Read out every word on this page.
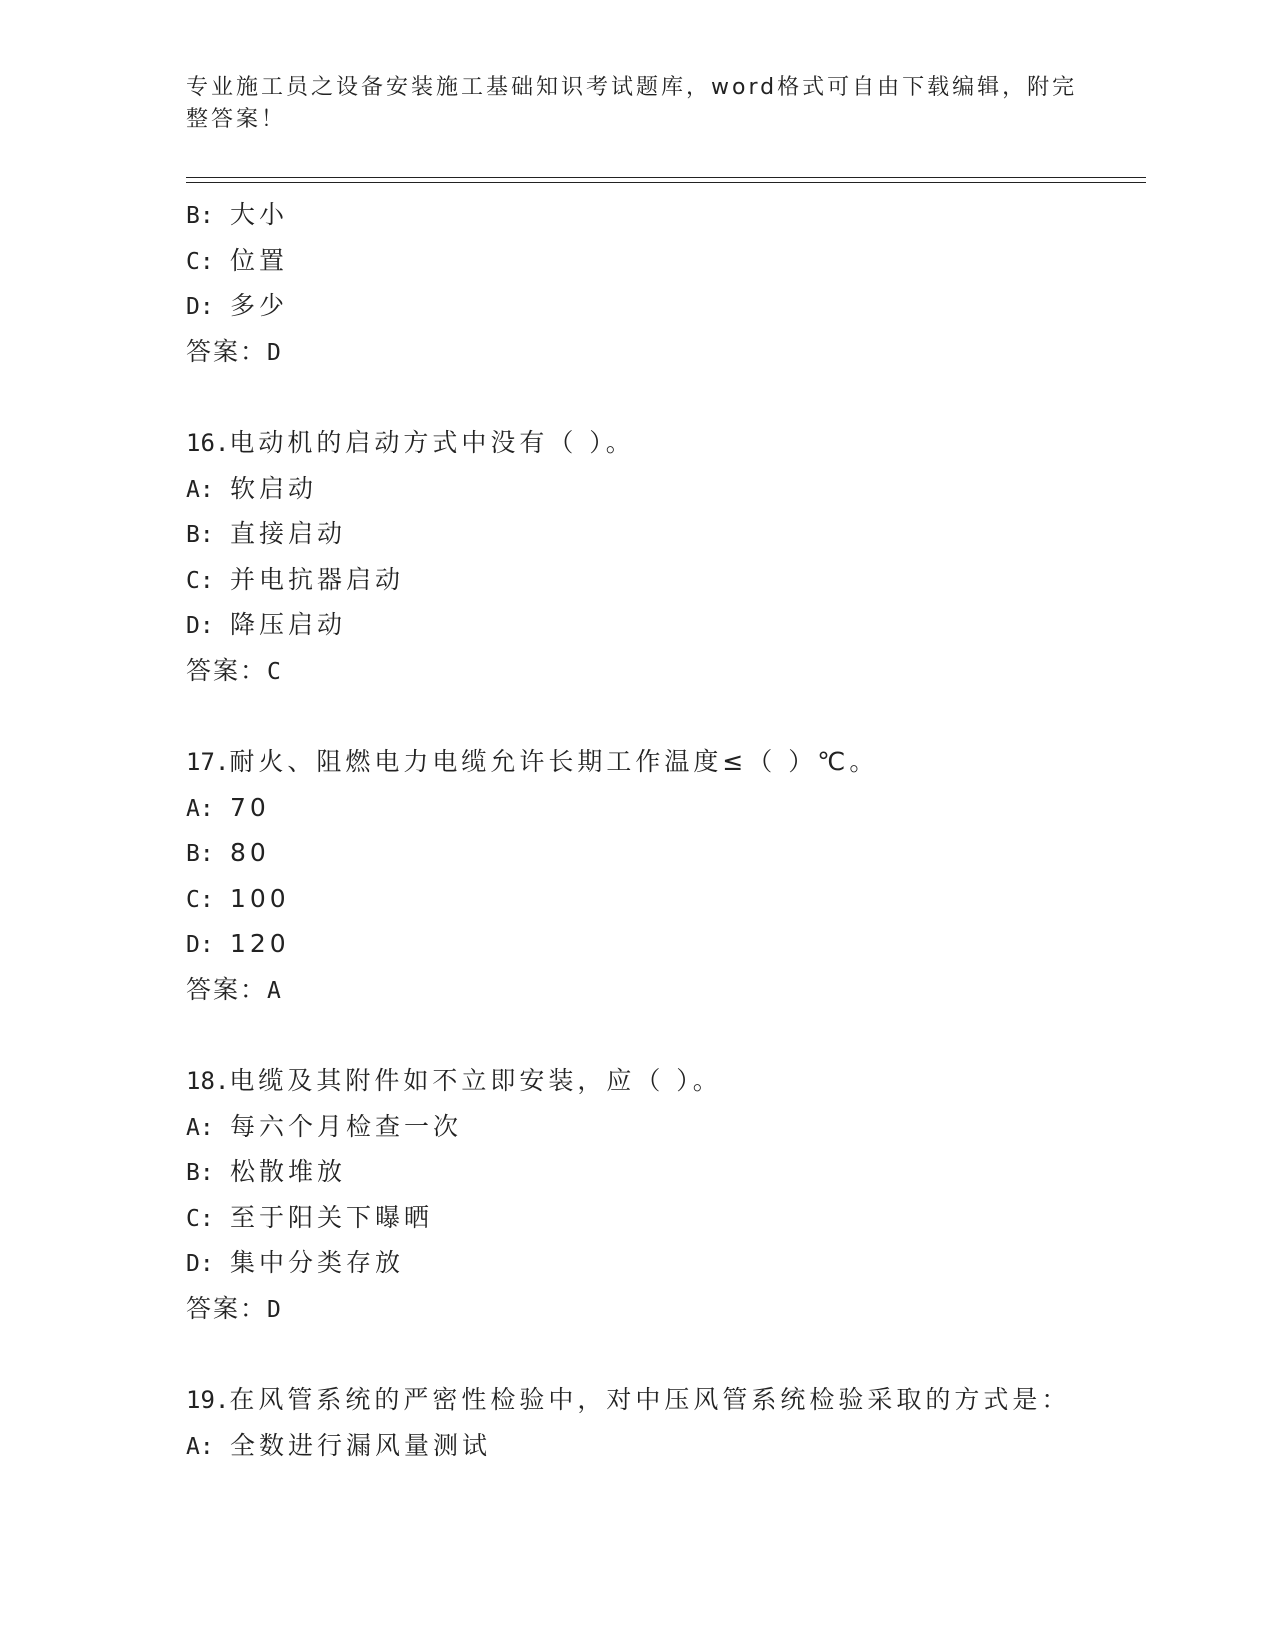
专业施工员之设备安装施工基础知识考试题库，word格式可自由下载编辑，附完整答案！
B: 大小
C: 位置
D: 多少
答案：D
16.电动机的启动方式中没有（ ）。
A: 软启动
B: 直接启动
C: 并电抗器启动
D: 降压启动
答案：C
17.耐火、阻燃电力电缆允许长期工作温度≤（ ）℃。
A: 70
B: 80
C: 100
D: 120
答案：A
18.电缆及其附件如不立即安装，应（ ）。
A: 每六个月检查一次
B: 松散堆放
C: 至于阳关下曝晒
D: 集中分类存放
答案：D
19.在风管系统的严密性检验中，对中压风管系统检验采取的方式是：
A: 全数进行漏风量测试
